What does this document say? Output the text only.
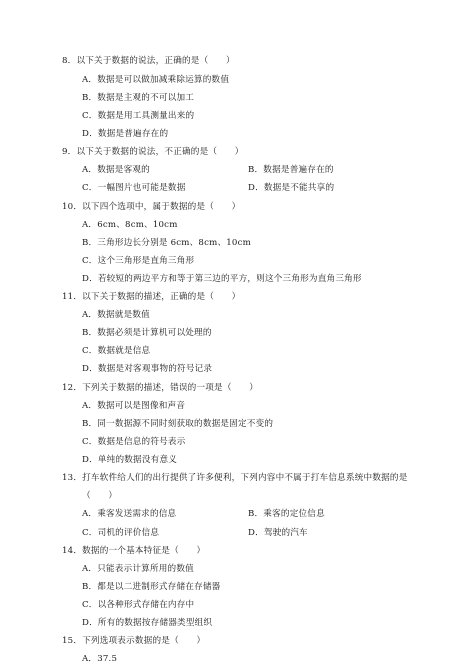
8．以下关于数据的说法，正确的是（　　）
A．数据是可以做加减乘除运算的数值
B．数据是主观的不可以加工
C．数据是用工具测量出来的
D．数据是普遍存在的
9．以下关于数据的说法，不正确的是（　　）
A．数据是客观的	B．数据是普遍存在的
C．一幅图片也可能是数据	D．数据是不能共享的
10．以下四个选项中，属于数据的是（　　）
A．6cm、8cm、10cm
B．三角形边长分别是 6cm、8cm、10cm
C．这个三角形是直角三角形
D．若较短的两边平方和等于第三边的平方，则这个三角形为直角三角形
11．以下关于数据的描述，正确的是（　　）
A．数据就是数值
B．数据必须是计算机可以处理的
C．数据就是信息
D．数据是对客观事物的符号记录
12．下列关于数据的描述，错误的一项是（　　）
A．数据可以是图像和声音
B．同一数据源不同时刻获取的数据是固定不变的
C．数据是信息的符号表示
D．单纯的数据没有意义
13．打车软件给人们的出行提供了许多便利，下列内容中不属于打车信息系统中数据的是
（　　）
A．乘客发送需求的信息	B．乘客的定位信息
C．司机的评价信息	D．驾驶的汽车
14．数据的一个基本特征是（　　）
A．只能表示计算所用的数值
B．都是以二进制形式存储在存储器
C．以各种形式存储在内存中
D．所有的数据按存储器类型组织
15．下列选项表示数据的是（　　）
A．37.5
